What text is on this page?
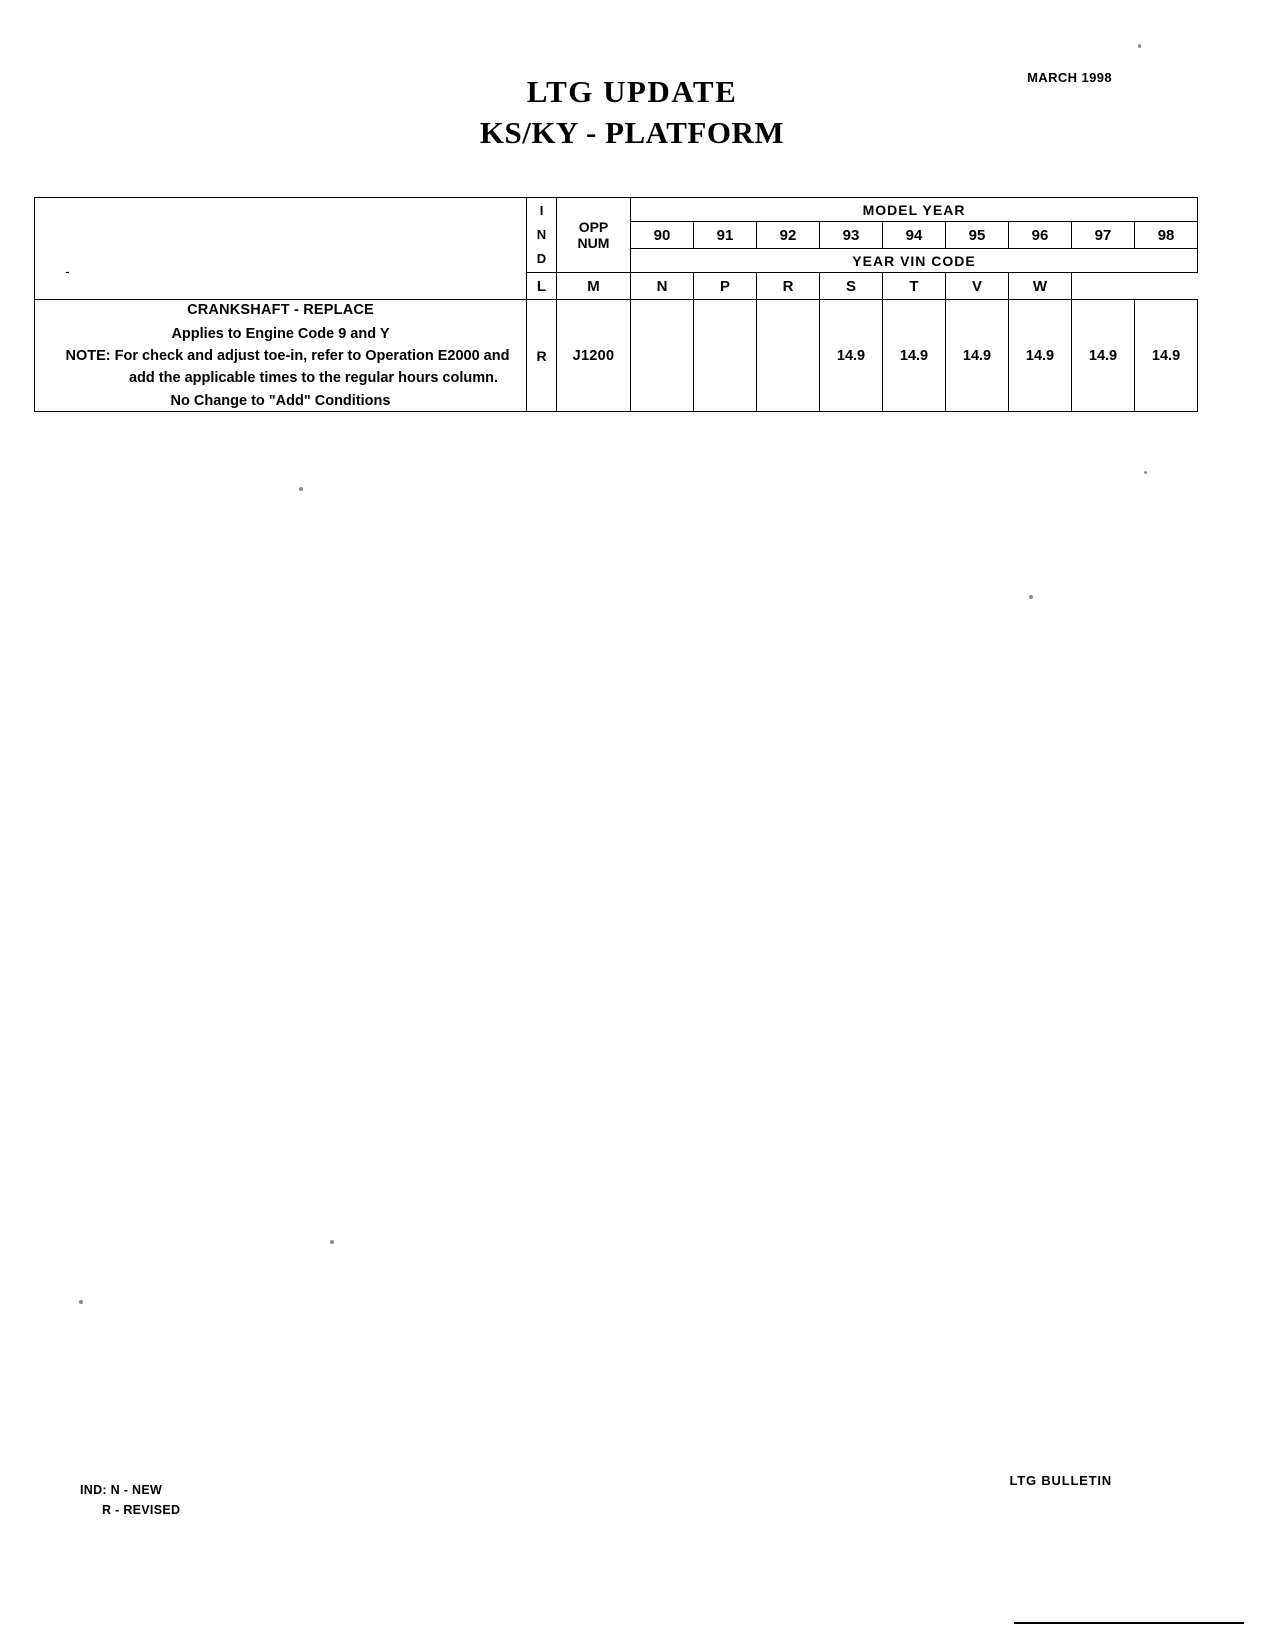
MARCH 1998
LTG UPDATE
KS/KY - PLATFORM
-

I
N
D

OPP
NUM
	MODEL YEAR
			90	91	92	93	94	95	96	97	98
			YEAR VIN CODE								
	L	M	N	P	R	S	T	V	W		

CRANKSHAFT - REPLACE
Applies to Engine Code 9 and Y
NOTE: For check and adjust toe-in, refer to Operation E2000 and
add the applicable times to the regular hours column.
No Change to "Add" Conditions	R	J1200				14.9	14.9	14.9	14.9	14.9	14.9
IND: N - NEW
R - REVISED
LTG BULLETIN
